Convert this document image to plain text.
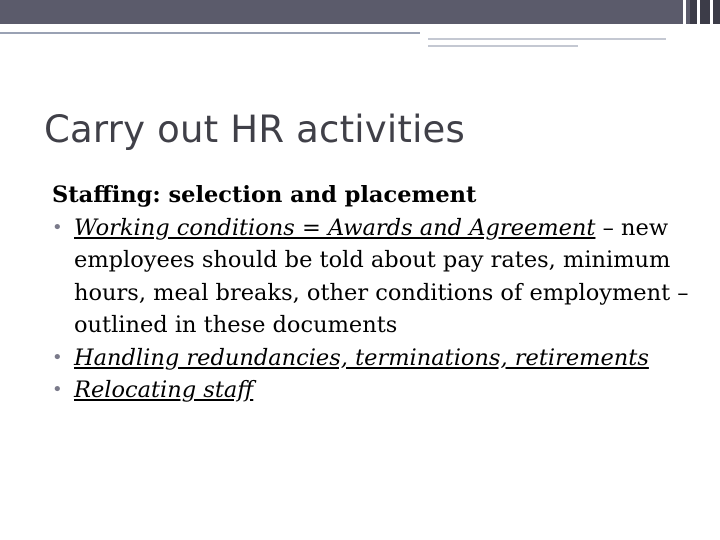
Carry out HR activities

Staffing: selection and placement

• Working conditions = Awards and Agreement – new employees should be told about pay rates, minimum hours, meal breaks, other conditions of employment – outlined in these documents
• Handling redundancies, terminations, retirements
• Relocating staff
